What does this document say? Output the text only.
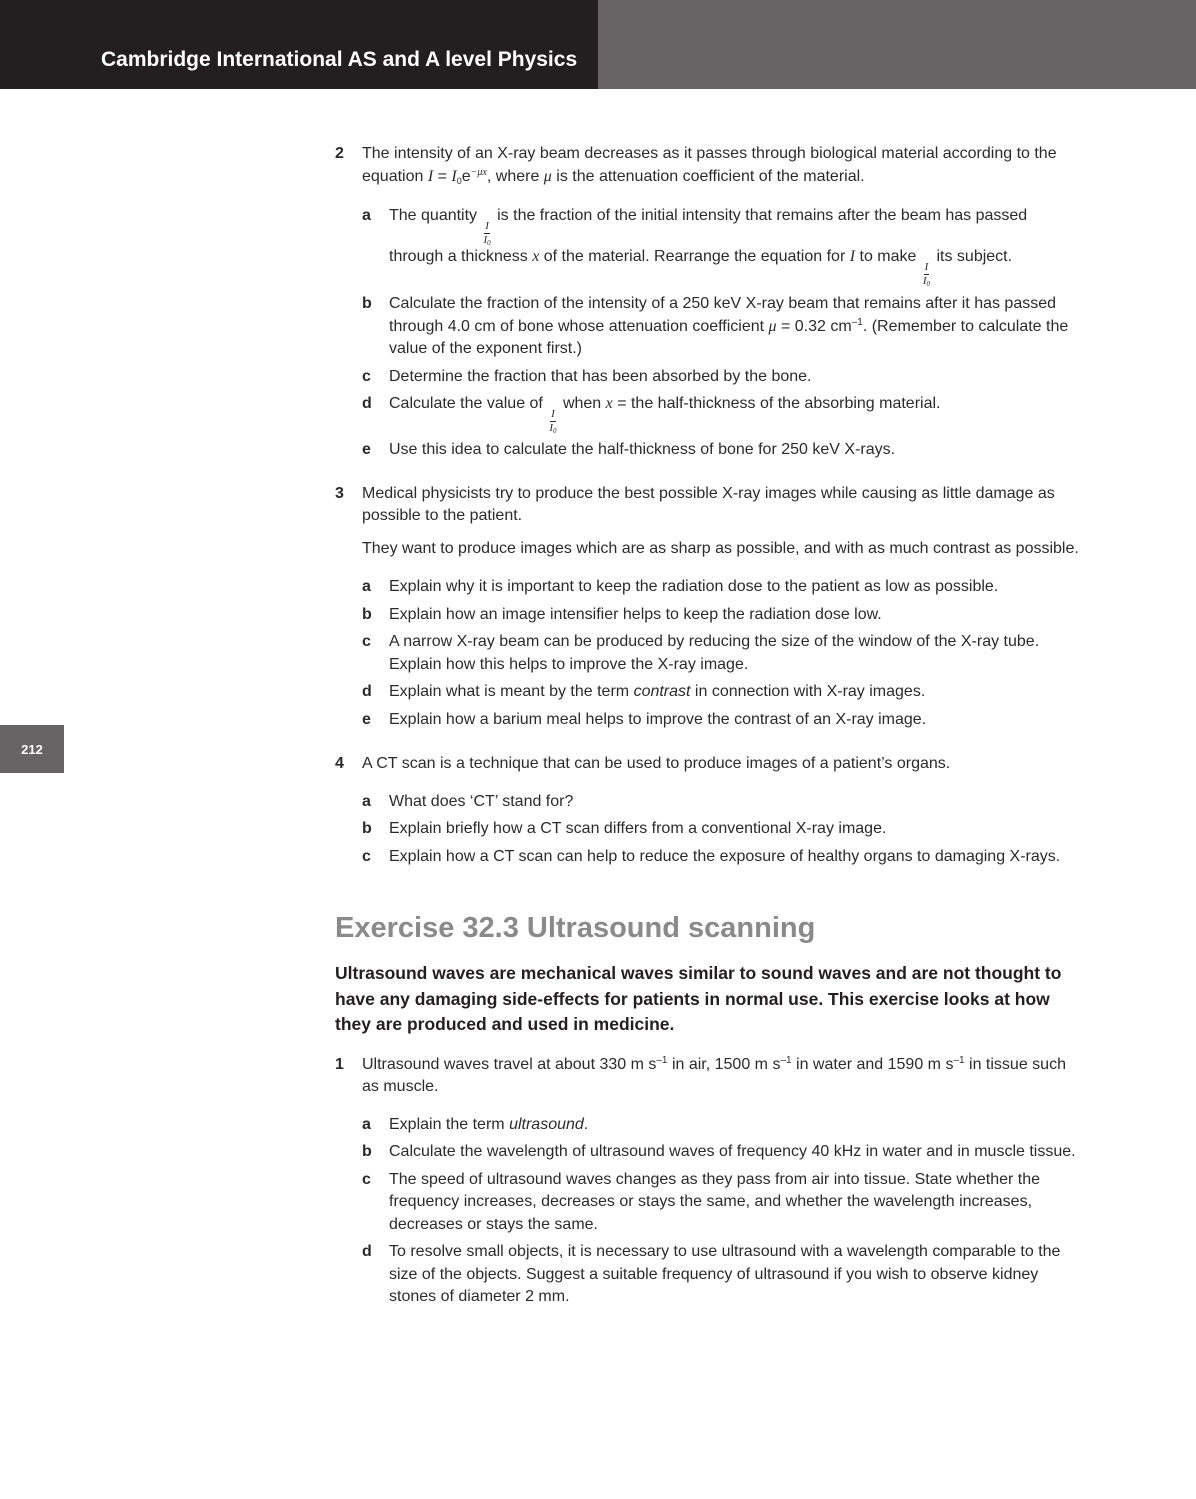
Cambridge International AS and A level Physics
212
2 The intensity of an X-ray beam decreases as it passes through biological material according to the equation $I = I_0e^{-\mu x}$, where μ is the attenuation coefficient of the material.

a The quantity
$\frac{I}{I_0}$
is the fraction of the initial intensity that remains after the beam has passed through a thickness x of the material. Rearrange the equation for I to make
$\frac{I}{I_0}$
its subject.
b Calculate the fraction of the intensity of a 250 keV X-ray beam that remains after it has passed through 4.0 cm of bone whose attenuation coefficient μ = 0.32 $cm^{-1}$. (Remember to calculate the value of the exponent first.)
c Determine the fraction that has been absorbed by the bone.
d Calculate the value of
$\frac{I}{I_0}$
when x = the half-thickness of the absorbing material.
e Use this idea to calculate the half-thickness of bone for 250 keV X-rays.
3 Medical physicists try to produce the best possible X-ray images while causing as little damage as possible to the patient.

They want to produce images which are as sharp as possible, and with as much contrast as possible.

a Explain why it is important to keep the radiation dose to the patient as low as possible.
b Explain how an image intensifier helps to keep the radiation dose low.
c A narrow X-ray beam can be produced by reducing the size of the window of the X-ray tube. Explain how this helps to improve the X-ray image.
d Explain what is meant by the term contrast in connection with X-ray images.
e Explain how a barium meal helps to improve the contrast of an X-ray image.
4 A CT scan is a technique that can be used to produce images of a patient’s organs.

a What does ‘CT’ stand for?
b Explain briefly how a CT scan differs from a conventional X-ray image.
c Explain how a CT scan can help to reduce the exposure of healthy organs to damaging X-rays.
Exercise 32.3 Ultrasound scanning

Ultrasound waves are mechanical waves similar to sound waves and are not thought to have any damaging side-effects for patients in normal use. This exercise looks at how they are produced and used in medicine.

1 Ultrasound waves travel at about 330 m $s^{-1}$ in air, 1500 m $s^{-1}$ in water and 1590 m $s^{-1}$ in tissue such as muscle.

a Explain the term ultrasound.
b Calculate the wavelength of ultrasound waves of frequency 40 kHz in water and in muscle tissue.
c The speed of ultrasound waves changes as they pass from air into tissue. State whether the frequency increases, decreases or stays the same, and whether the wavelength increases, decreases or stays the same.
d To resolve small objects, it is necessary to use ultrasound with a wavelength comparable to the size of the objects. Suggest a suitable frequency of ultrasound if you wish to observe kidney stones of diameter 2 mm.
